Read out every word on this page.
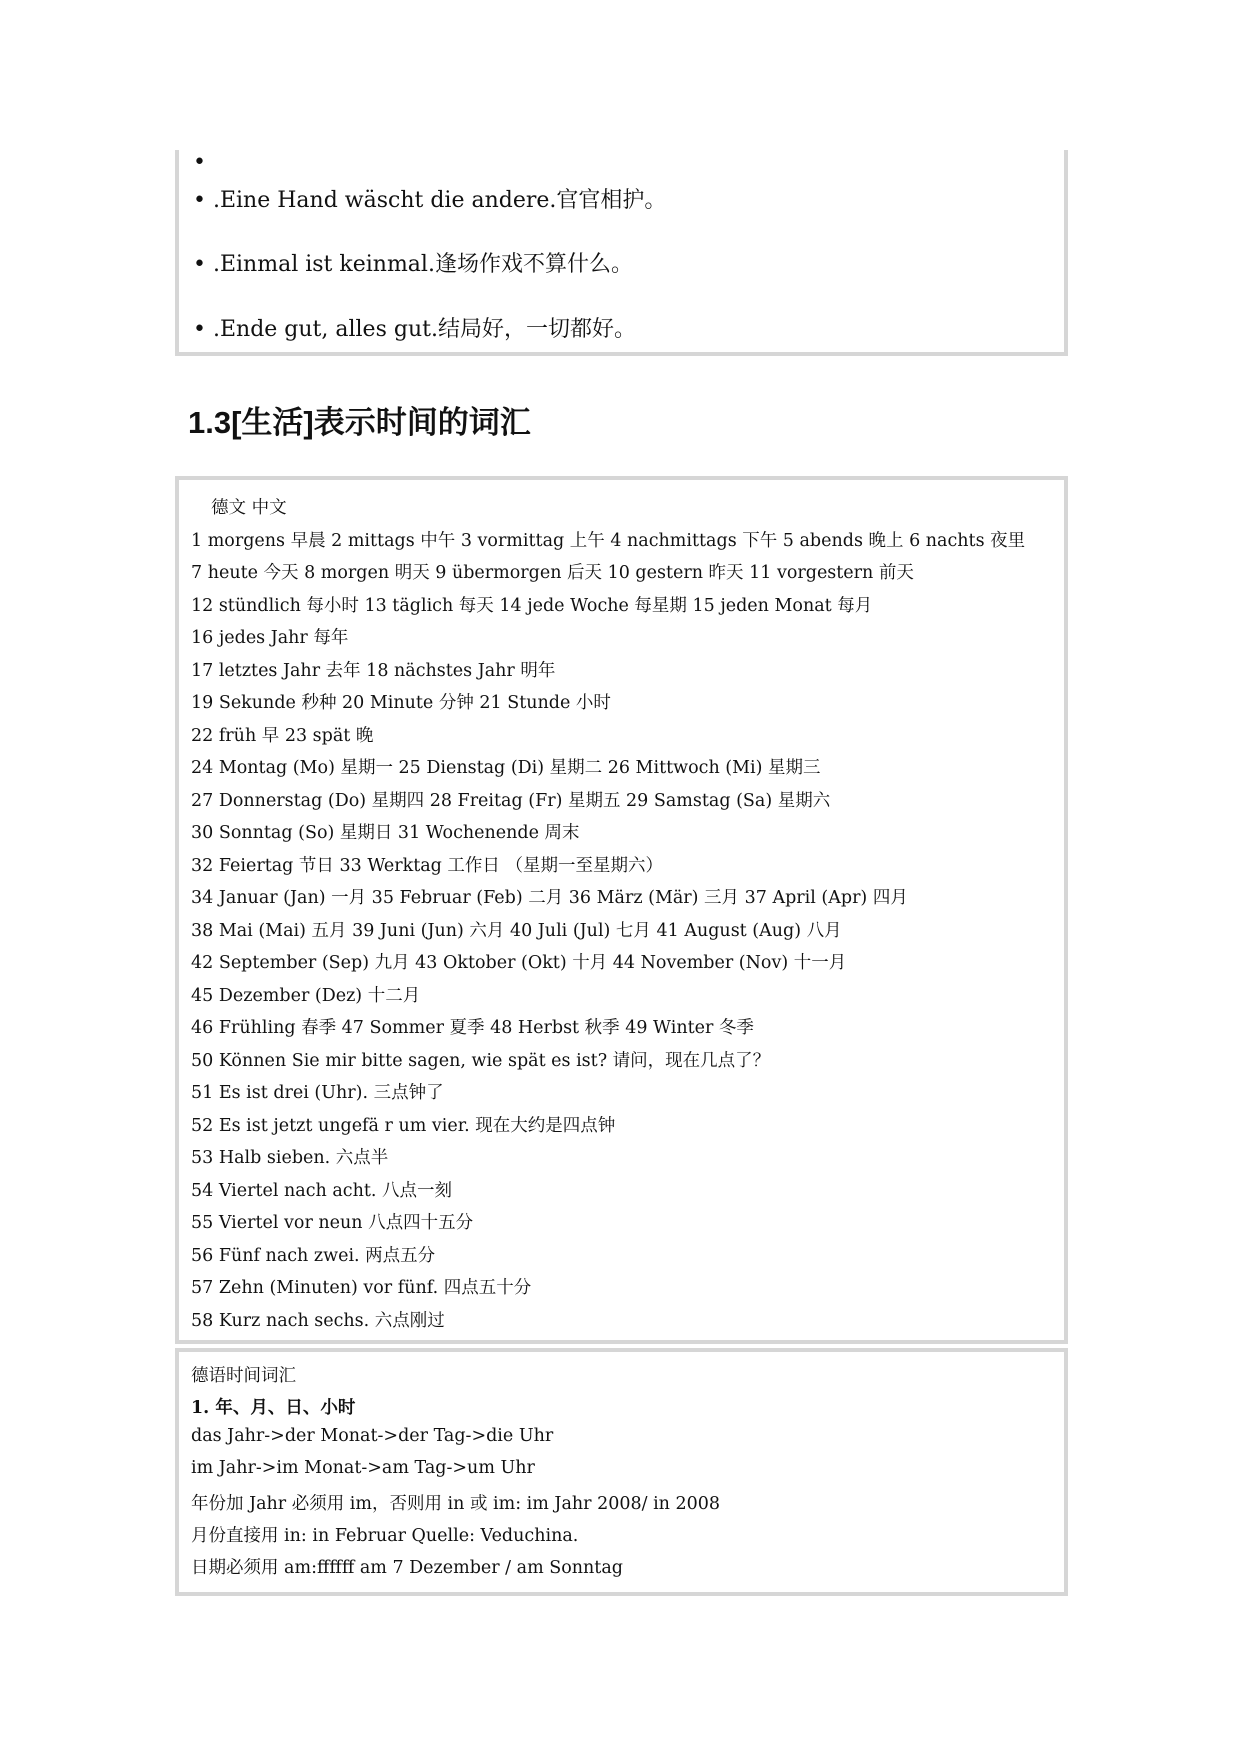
•
• .Eine Hand wäscht die andere.官官相护。
• .Einmal ist keinmal.逢场作戏不算什么。
• .Ende gut, alles gut.结局好，一切都好。
1.3[生活]表示时间的词汇
德文 中文
1 morgens 早晨 2 mittags 中午 3 vormittag 上午 4 nachmittags 下午 5 abends 晚上 6 nachts 夜里
7 heute 今天 8 morgen 明天 9 übermorgen 后天 10 gestern 昨天 11 vorgestern 前天
12 stündlich 每小时 13 täglich 每天 14 jede Woche 每星期 15 jeden Monat 每月
16 jedes Jahr 每年
17 letztes Jahr 去年 18 nächstes Jahr 明年
19 Sekunde 秒种 20 Minute 分钟 21 Stunde 小时
22 früh 早 23 spät 晚
24 Montag (Mo) 星期一 25 Dienstag (Di) 星期二 26 Mittwoch (Mi) 星期三
27 Donnerstag (Do) 星期四 28 Freitag (Fr) 星期五 29 Samstag (Sa) 星期六
30 Sonntag (So) 星期日 31 Wochenende 周末
32 Feiertag 节日 33 Werktag 工作日 （星期一至星期六）
34 Januar (Jan) 一月 35 Februar (Feb) 二月 36 März (Mär) 三月 37 April (Apr) 四月
38 Mai (Mai) 五月 39 Juni (Jun) 六月 40 Juli (Jul) 七月 41 August (Aug) 八月
42 September (Sep) 九月 43 Oktober (Okt) 十月 44 November (Nov) 十一月
45 Dezember (Dez) 十二月
46 Frühling 春季 47 Sommer 夏季 48 Herbst 秋季 49 Winter 冬季
50 Können Sie mir bitte sagen, wie spät es ist? 请问，现在几点了？
51 Es ist drei (Uhr). 三点钟了
52 Es ist jetzt ungefä r um vier. 现在大约是四点钟
53 Halb sieben. 六点半
54 Viertel nach acht. 八点一刻
55 Viertel vor neun 八点四十五分
56 Fünf nach zwei. 两点五分
57 Zehn (Minuten) vor fünf. 四点五十分
58 Kurz nach sechs. 六点刚过
德语时间词汇
1. 年、月、日、小时
das Jahr->der Monat->der Tag->die Uhr
im Jahr->im Monat->am Tag->um Uhr
年份加 Jahr 必须用 im，否则用 in 或 im: im Jahr 2008/ in 2008
月份直接用 in: in Februar Quelle: Veduchina.
日期必须用 am:ffffff am 7 Dezember / am Sonntag
